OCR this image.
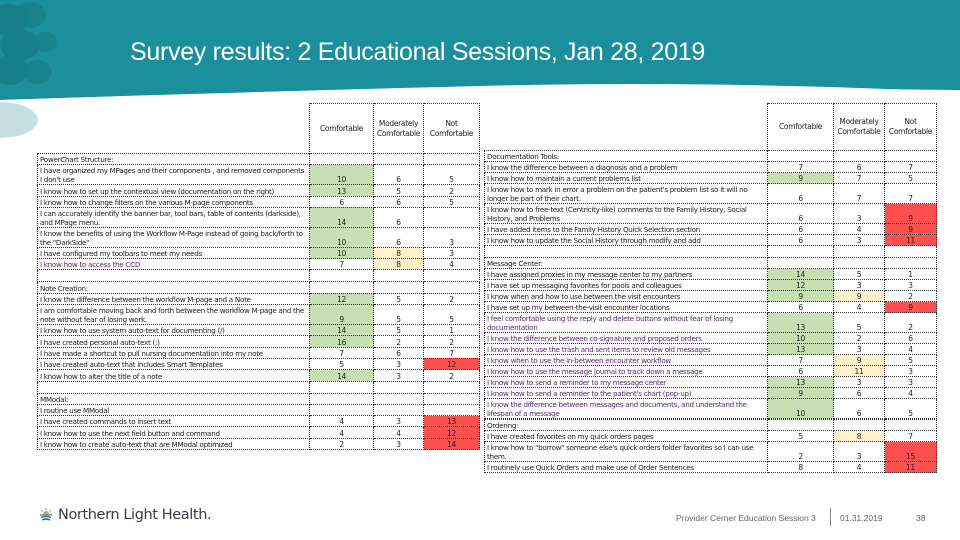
Survey results: 2 Educational Sessions, Jan 28, 2019
	Comfortable	Moderately Comfortable	Not Comfortable
PowerChart Structure:			
I have organized my MPages and their components , and removed components I don't use	10	6	5
I know how to set up the contextual view (documentation on the right)	13	5	2
I know how to change filters on the various M-page components	6	6	5
I can accurately identify the banner bar, tool bars, table of contents (darkside), and MPage menu.	14	6	
I know the benefits of using the Workflow M-Page instead of going back/forth to the "DarkSide"	10	6	3
I have configured my toolbars to meet my needs	10	8	3
I know how to access the CCD	7	8	4

Note Creation:			
I know the difference between the workflow M-page and a Note	12	5	2
I am comfortable moving back and forth between the workflow M-page and the note without fear of losing work.	9	5	5
I know how to use system auto-text for documenting (/)	14	5	1
I have created personal auto-text (;)	16	2	2
I have made a shortcut to pull nursing documentation into my note	7	6	7
I have created auto-text that includes Smart Templates	5	3	12
I know how to alter the title of a note	14	3	2

MModal:			
I routine use MModal			
I have created commands to insert text	4	3	13
I know how to use the next field button and command	4	4	12
I know how to create auto-text that are MModal optimized	2	3	14
	Comfortable	Moderately Comfortable	Not Comfortable
Documentation Tools:			
I know the difference between a diagnosis and a problem	7	6	7
I know how to maintain a current problems list	9	7	5
I know how to mark in error a problem on the patient's problem list so it will no longer be part of their chart.	6	7	7
I know how to free-text (Centricity-like) comments to the Family History, Social History, and Problems	6	3	9
I have added items to the Family History Quick Selection section	6	4	9
I know how to update the Social History through modify and add	6	3	11

Message Center:			
I have assigned proxies in my message center to my partners	14	5	1
I have set up messaging favorites for pools and colleagues	12	3	3
I know when and how to use between the visit encounters	9	9	2
I have set up my between-the-visit encounter locations	6	4	9
I feel comfortable using the reply and delete buttons without fear of losing documentation	13	5	2
I know the difference between co-signature and proposed orders	10	2	6
I know how to use the trash and sent items to review old messages	13	3	4
I know when to use the in-between encounter workflow	7	9	5
I know how to use the message journal to track down a message	6	11	3
I know how to send a reminder to my message center	13	3	3
I know how to send a reminder to the patient's chart (pop-up)	9	6	4
I know the difference between messages and documents, and understand the lifespan of a message	10	6	5

Ordering:			
I have created favorites on my quick orders pages	5	8	7
I know how to "borrow" someone else's quick orders folder favorites so I can use them.	2	3	15
I routinely use Quick Orders and make use of Order Sentences	8	4	11
Northern Light Health.	Provider Cerner Education Session 3	01.31.2019	38
